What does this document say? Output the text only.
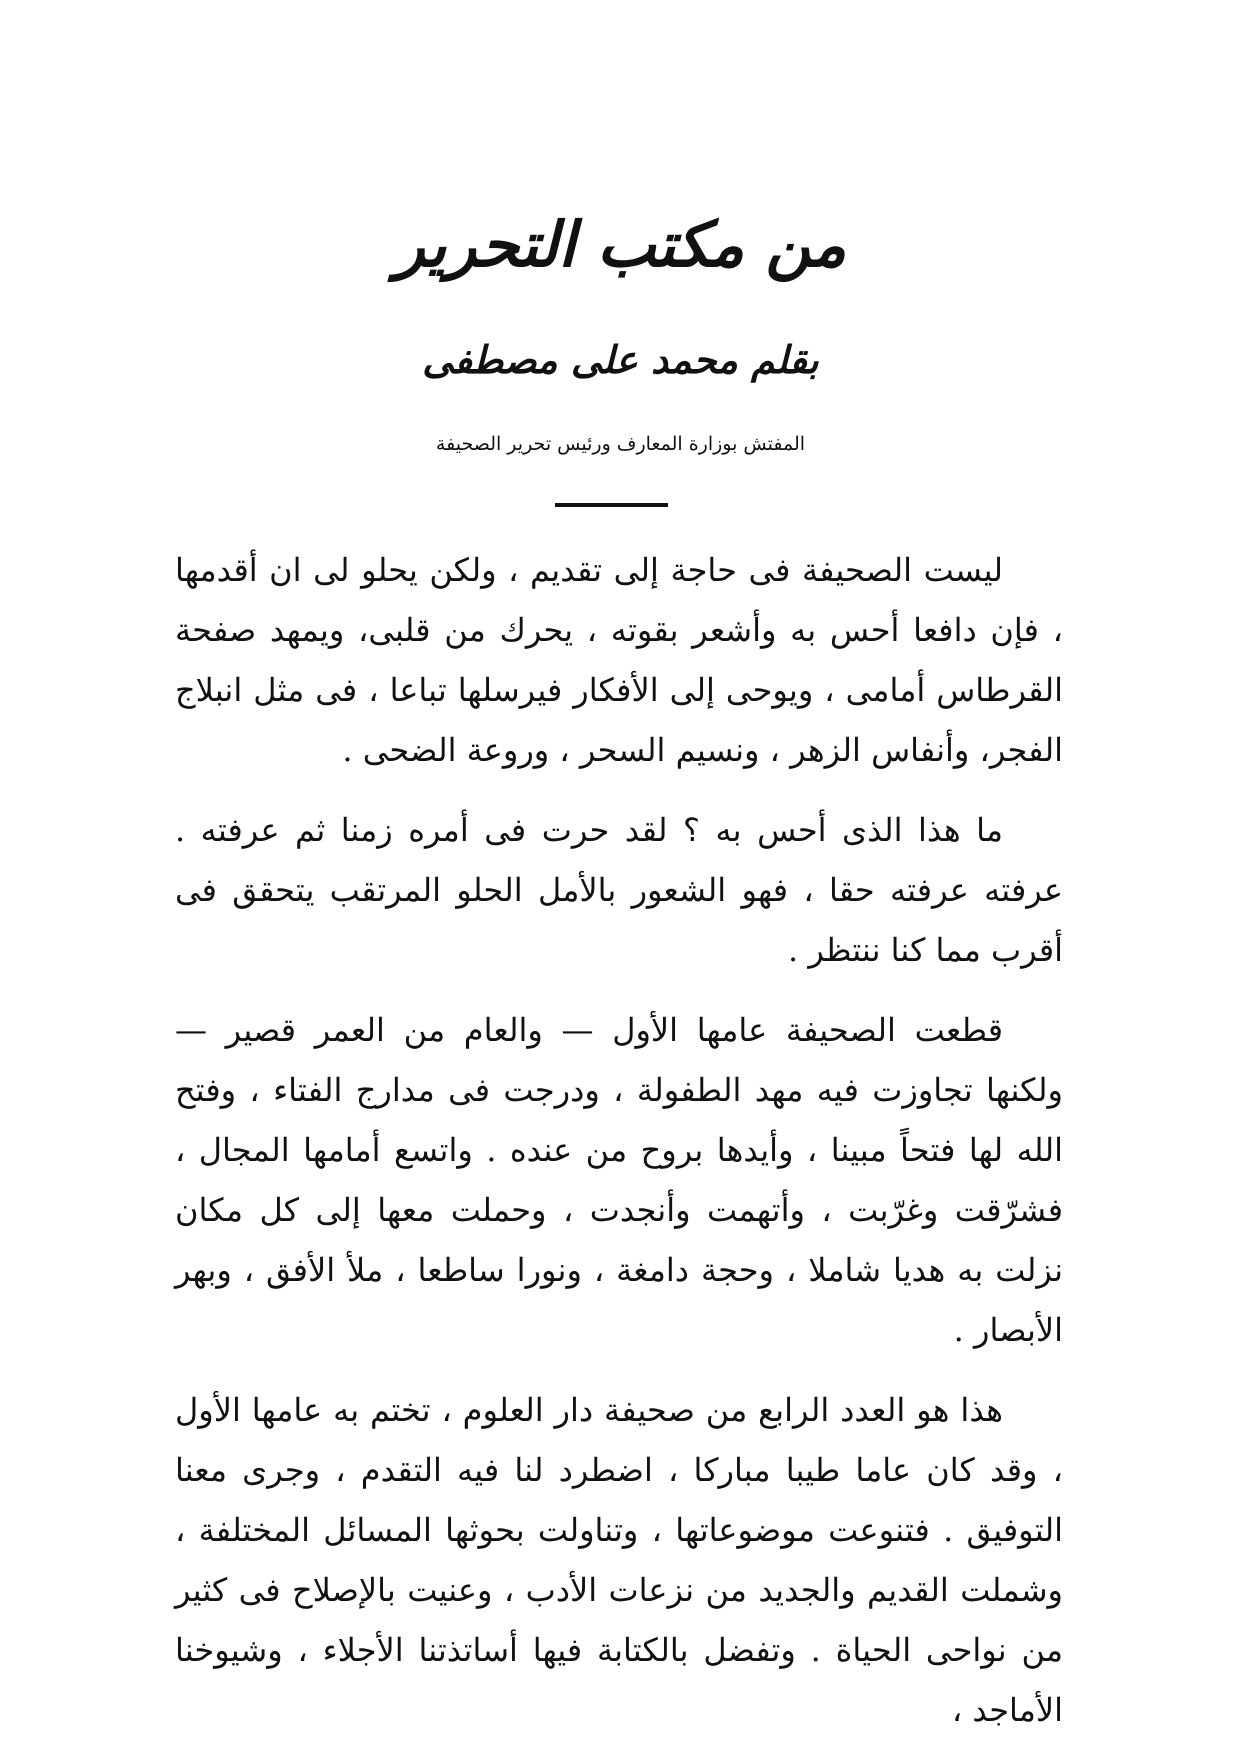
من مكتب التحرير
بقلم محمد على مصطفى
المفتش بوزارة المعارف ورئيس تحرير الصحيفة

ليست الصحيفة فى حاجة إلى تقديم ، ولكن يحلو لى ان أقدمها ، فإن دافعا أحس به وأشعر بقوته ، يحرك من قلبى، ويمهد صفحة القرطاس أمامى ، ويوحى إلى الأفكار فيرسلها تباعا ، فى مثل انبلاج الفجر، وأنفاس الزهر ، ونسيم السحر ، وروعة الضحى .

ما هذا الذى أحس به ؟ لقد حرت فى أمره زمنا ثم عرفته . عرفته عرفته حقا ، فهو الشعور بالأمل الحلو المرتقب يتحقق فى أقرب مما كنا ننتظر .

قطعت الصحيفة عامها الأول — والعام من العمر قصير — ولكنها تجاوزت فيه مهد الطفولة ، ودرجت فى مدارج الفتاء ، وفتح الله لها فتحاً مبينا ، وأيدها بروح من عنده . واتسع أمامها المجال ، فشرّقت وغرّبت ، وأتهمت وأنجدت ، وحملت معها إلى كل مكان نزلت به هديا شاملا ، وحجة دامغة ، ونورا ساطعا ، ملأ الأفق ، وبهر الأبصار .

هذا هو العدد الرابع من صحيفة دار العلوم ، تختم به عامها الأول ، وقد كان عاما طيبا مباركا ، اضطرد لنا فيه التقدم ، وجرى معنا التوفيق . فتنوعت موضوعاتها ، وتناولت بحوثها المسائل المختلفة ، وشملت القديم والجديد من نزعات الأدب ، وعنيت بالإصلاح فى كثير من نواحى الحياة . وتفضل بالكتابة فيها أساتذتنا الأجلاء ، وشيوخنا الأماجد ،
